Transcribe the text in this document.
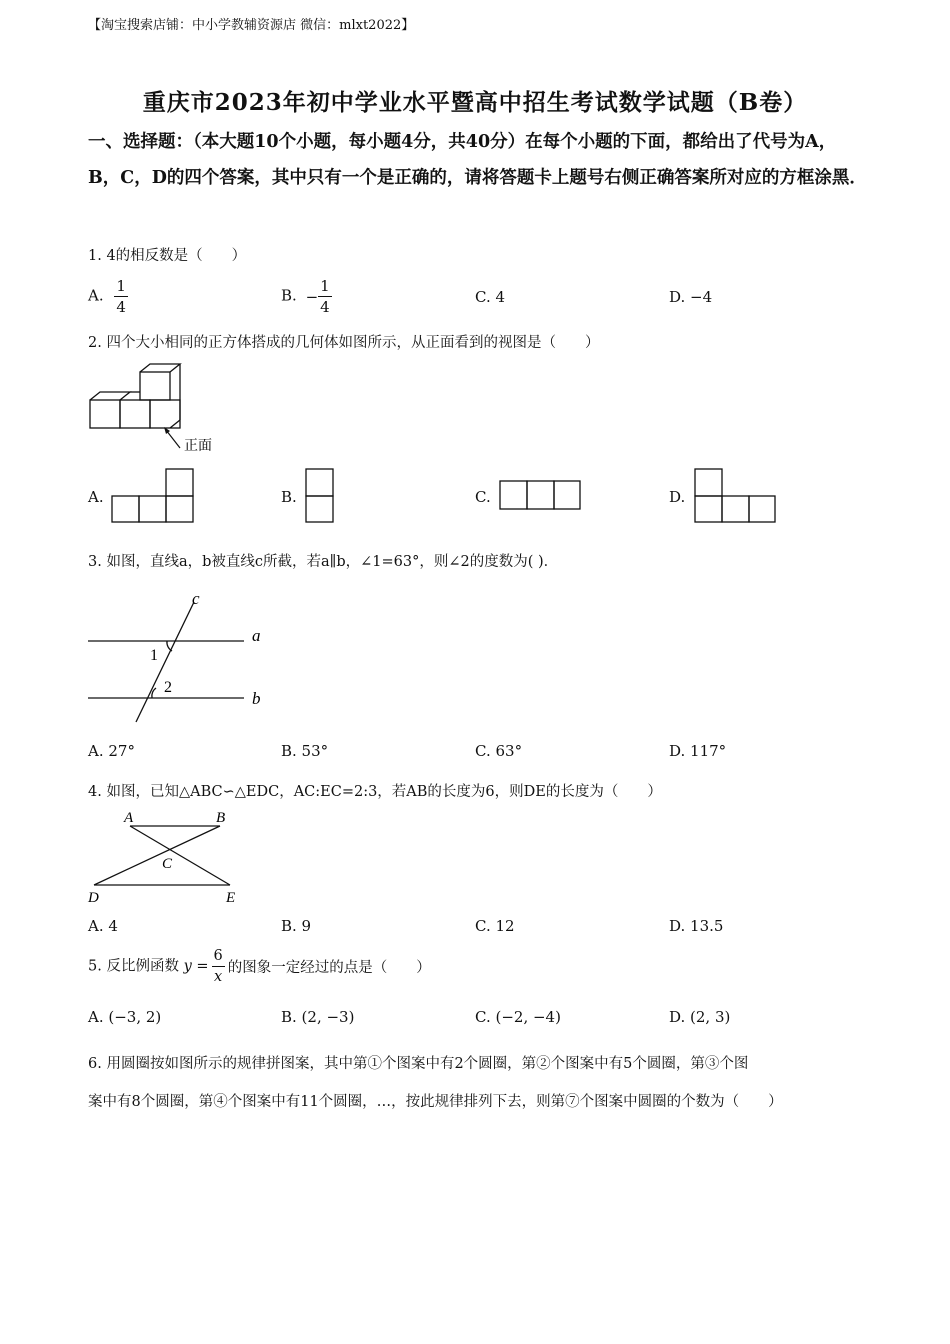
【淘宝搜索店铺：中小学教辅资源店 微信：mlxt2022】
重庆市2023年初中学业水平暨高中招生考试数学试题（B卷）
一、选择题：（本大题10个小题，每小题4分，共40分）在每个小题的下面，都给出了代号为A，B，C，D的四个答案，其中只有一个是正确的，请将答题卡上题号右侧正确答案所对应的方框涂黑．
1. 4的相反数是（　　）
A. $\frac{1}{4}$	B. − $\frac{1}{4}$	C. 4	D. −4
2. 四个大小相同的正方体搭成的几何体如图所示，从正面看到的视图是（　　）
正面
A.	B.	C.	D.
3. 如图，直线a，b被直线c所截，若a∥b，∠1=63°，则∠2的度数为( )．
c
a
b
1
2
A. 27°	B. 53°	C. 63°	D. 117°
4. 如图，已知△ABC∽△EDC，AC:EC=2:3，若AB的长度为6，则DE的长度为（　　）
A	B
C
D	E
A. 4	B. 9	C. 12	D. 13.5
5. 反比例函数 $y = \frac{6}{x}$ 的图象一定经过的点是（　　）
A. (−3, 2)	B. (2, −3)	C. (−2, −4)	D. (2, 3)
6. 用圆圈按如图所示的规律拼图案，其中第①个图案中有2个圆圈，第②个图案中有5个圆圈，第③个图
案中有8个圆圈，第④个图案中有11个圆圈，…，按此规律排列下去，则第⑦个图案中圆圈的个数为（　　）
